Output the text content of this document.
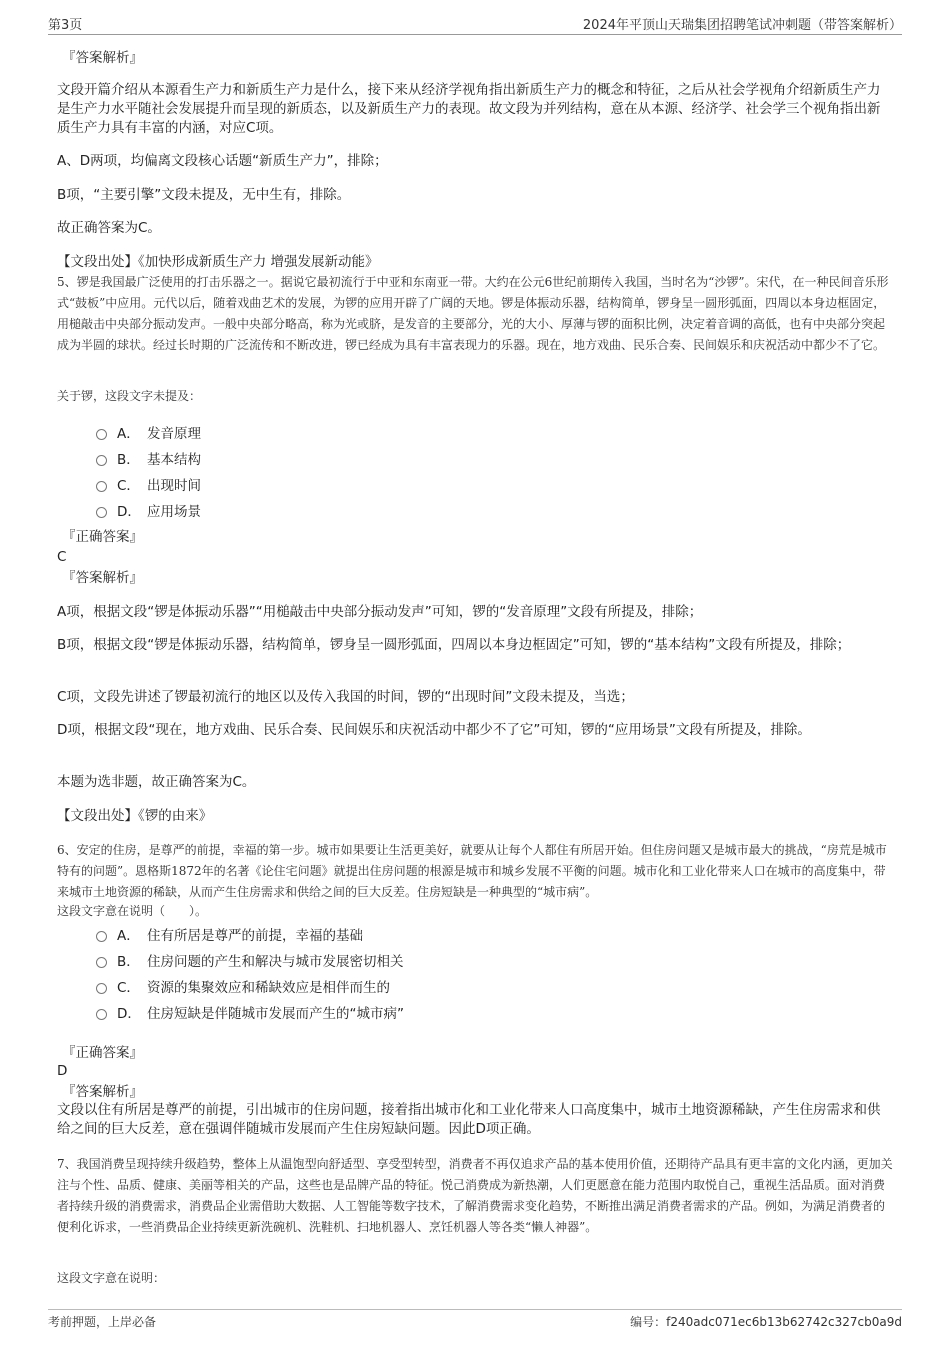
第3页	2024年平顶山天瑞集团招聘笔试冲刺题（带答案解析）
『答案解析』

文段开篇介绍从本源看生产力和新质生产力是什么，接下来从经济学视角指出新质生产力的概念和特征，之后从社会学视角介绍新质生产力是生产力水平随社会发展提升而呈现的新质态，以及新质生产力的表现。故文段为并列结构，意在从本源、经济学、社会学三个视角指出新质生产力具有丰富的内涵，对应C项。

A、D两项，均偏离文段核心话题“新质生产力”，排除；

B项，“主要引擎”文段未提及，无中生有，排除。

故正确答案为C。

【文段出处】《加快形成新质生产力 增强发展新动能》

5、锣是我国最广泛使用的打击乐器之一。据说它最初流行于中亚和东南亚一带。大约在公元6世纪前期传入我国，当时名为“沙锣”。宋代，在一种民间音乐形式“鼓板”中应用。元代以后，随着戏曲艺术的发展，为锣的应用开辟了广阔的天地。锣是体振动乐器，结构简单，锣身呈一圆形弧面，四周以本身边框固定，用槌敲击中央部分振动发声。一般中央部分略高，称为光或脐，是发音的主要部分，光的大小、厚薄与锣的面积比例，决定着音调的高低，也有中央部分突起成为半圆的球状。经过长时期的广泛流传和不断改进，锣已经成为具有丰富表现力的乐器。现在，地方戏曲、民乐合奏、民间娱乐和庆祝活动中都少不了它。

关于锣，这段文字未提及：

A． 发音原理
B． 基本结构
C． 出现时间
D． 应用场景
『正确答案』
C
『答案解析』

A项，根据文段“锣是体振动乐器”“用槌敲击中央部分振动发声”可知，锣的“发音原理”文段有所提及，排除；

B项，根据文段“锣是体振动乐器，结构简单，锣身呈一圆形弧面，四周以本身边框固定”可知，锣的“基本结构”文段有所提及，排除；

C项，文段先讲述了锣最初流行的地区以及传入我国的时间，锣的“出现时间”文段未提及，当选；

D项，根据文段“现在，地方戏曲、民乐合奏、民间娱乐和庆祝活动中都少不了它”可知，锣的“应用场景”文段有所提及，排除。

本题为选非题，故正确答案为C。

【文段出处】《锣的由来》

6、安定的住房，是尊严的前提，幸福的第一步。城市如果要让生活更美好，就要从让每个人都住有所居开始。但住房问题又是城市最大的挑战，“房荒是城市特有的问题”。恩格斯1872年的名著《论住宅问题》就提出住房问题的根源是城市和城乡发展不平衡的问题。城市化和工业化带来人口在城市的高度集中，带来城市土地资源的稀缺，从而产生住房需求和供给之间的巨大反差。住房短缺是一种典型的“城市病”。

这段文字意在说明（　　）。

A． 住有所居是尊严的前提，幸福的基础
B． 住房问题的产生和解决与城市发展密切相关
C． 资源的集聚效应和稀缺效应是相伴而生的
D． 住房短缺是伴随城市发展而产生的“城市病”
『正确答案』
D
『答案解析』

文段以住有所居是尊严的前提，引出城市的住房问题，接着指出城市化和工业化带来人口高度集中，城市土地资源稀缺，产生住房需求和供给之间的巨大反差，意在强调伴随城市发展而产生住房短缺问题。因此D项正确。

7、我国消费呈现持续升级趋势，整体上从温饱型向舒适型、享受型转型，消费者不再仅追求产品的基本使用价值，还期待产品具有更丰富的文化内涵，更加关注与个性、品质、健康、美丽等相关的产品，这些也是品牌产品的特征。悦己消费成为新热潮，人们更愿意在能力范围内取悦自己，重视生活品质。面对消费者持续升级的消费需求，消费品企业需借助大数据、人工智能等数字技术，了解消费需求变化趋势，不断推出满足消费者需求的产品。例如，为满足消费者的便利化诉求，一些消费品企业持续更新洗碗机、洗鞋机、扫地机器人、烹饪机器人等各类“懒人神器”。

这段文字意在说明：

考前押题，上岸必备	编号：f240adc071ec6b13b62742c327cb0a9d
